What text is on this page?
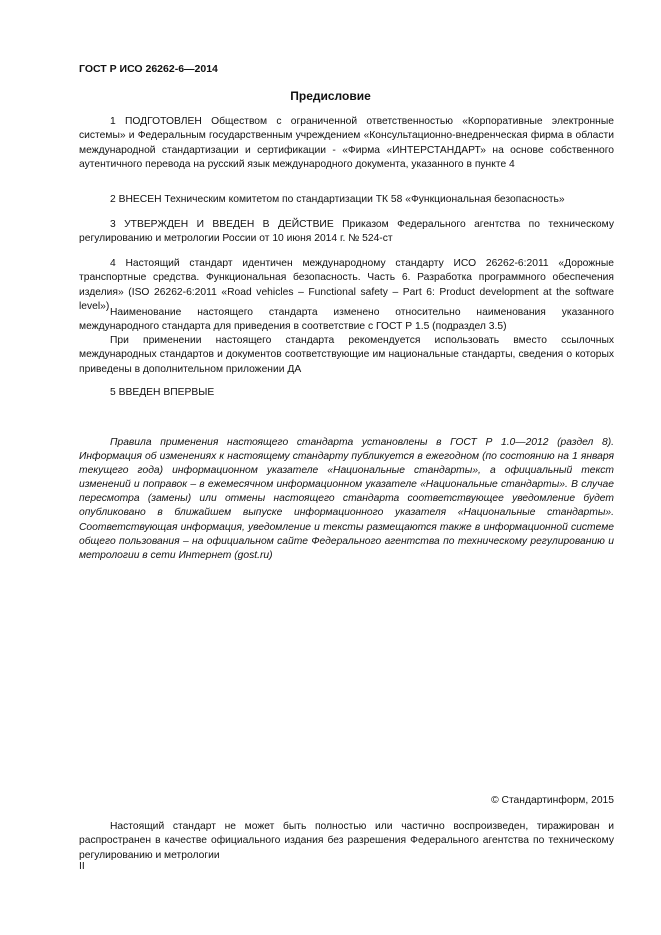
ГОСТ Р ИСО 26262-6—2014
Предисловие

1 ПОДГОТОВЛЕН Обществом с ограниченной ответственностью «Корпоративные электронные системы» и Федеральным государственным учреждением «Консультационно-внедренческая фирма в области международной стандартизации и сертификации - «Фирма «ИНТЕРСТАНДАРТ» на основе собственного аутентичного перевода на русский язык международного документа, указанного в пункте 4

2 ВНЕСЕН Техническим комитетом по стандартизации ТК 58 «Функциональная безопасность»

3 УТВЕРЖДЕН И ВВЕДЕН В ДЕЙСТВИЕ Приказом Федерального агентства по техническому регулированию и метрологии России от 10 июня 2014 г. № 524-ст

4 Настоящий стандарт идентичен международному стандарту ИСО 26262-6:2011 «Дорожные транспортные средства. Функциональная безопасность. Часть 6. Разработка программного обеспечения изделия» (ISO 26262-6:2011 «Road vehicles – Functional safety – Part 6: Product development at the software level»)

Наименование настоящего стандарта изменено относительно наименования указанного международного стандарта для приведения в соответствие с ГОСТ Р 1.5 (подраздел 3.5)

При применении настоящего стандарта рекомендуется использовать вместо ссылочных международных стандартов и документов соответствующие им национальные стандарты, сведения о которых приведены в дополнительном приложении ДА

5 ВВЕДЕН ВПЕРВЫЕ

Правила применения настоящего стандарта установлены в ГОСТ Р 1.0—2012 (раздел 8). Информация об изменениях к настоящему стандарту публикуется в ежегодном (по состоянию на 1 января текущего года) информационном указателе «Национальные стандарты», а официальный текст изменений и поправок – в ежемесячном информационном указателе «Национальные стандарты». В случае пересмотра (замены) или отмены настоящего стандарта соответствующее уведомление будет опубликовано в ближайшем выпуске информационного указателя «Национальные стандарты». Соответствующая информация, уведомление и тексты размещаются также в информационной системе общего пользования – на официальном сайте Федерального агентства по техническому регулированию и метрологии в сети Интернет (gost.ru)

© Стандартинформ, 2015

Настоящий стандарт не может быть полностью или частично воспроизведен, тиражирован и распространен в качестве официального издания без разрешения Федерального агентства по техническому регулированию и метрологии

II
